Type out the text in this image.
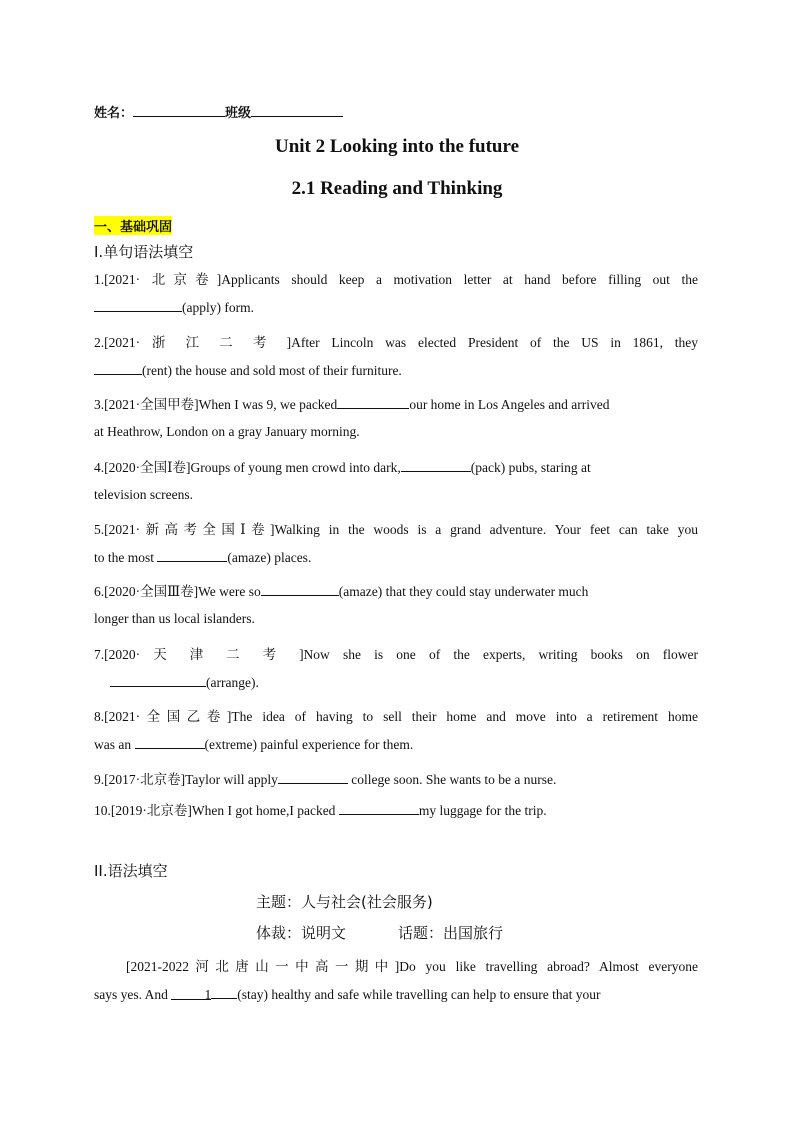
姓名：	班级
Unit 2 Looking into the future
2.1 Reading and Thinking
一、基础巩固
I.单句语法填空
1.[2021· 北京卷]Applicants should keep a motivation letter at hand before filling out the
(apply) form.
2.[2021· 浙 江 二 考 ]After Lincoln was elected President of the US in 1861, they
(rent) the house and sold most of their furniture.
3.[2021·全国甲卷]When I was 9, we packed	our home in Los Angeles and arrived
at Heathrow, London on a gray January morning.
4.[2020·全国Ⅰ卷]Groups of young men crowd into dark,	(pack) pubs, staring at
television screens.
5.[2021·新高考全国Ⅰ卷]Walking in the woods is a grand adventure. Your feet can take you
to the most	(amaze) places.
6.[2020·全国Ⅲ卷]We were so	(amaze) that they could stay underwater much
longer than us local islanders.
7.[2020· 天 津 二 考 ]Now she is one of the experts, writing books on flower
(arrange).
8.[2021·全国乙卷]The idea of having to sell their home and move into a retirement home
was an	(extreme) painful experience for them.
9.[2017·北京卷]Taylor will apply	college soon. She wants to be a nurse.
10.[2019·北京卷]When I got home,I packed	my luggage for the trip.
II.语法填空
主题：人与社会(社会服务)
体裁：说明文	话题：出国旅行
[2021-2022河北唐山一中高一期中]Do you like travelling abroad? Almost everyone
says yes. And	1 (stay) healthy and safe while travelling can help to ensure that your
